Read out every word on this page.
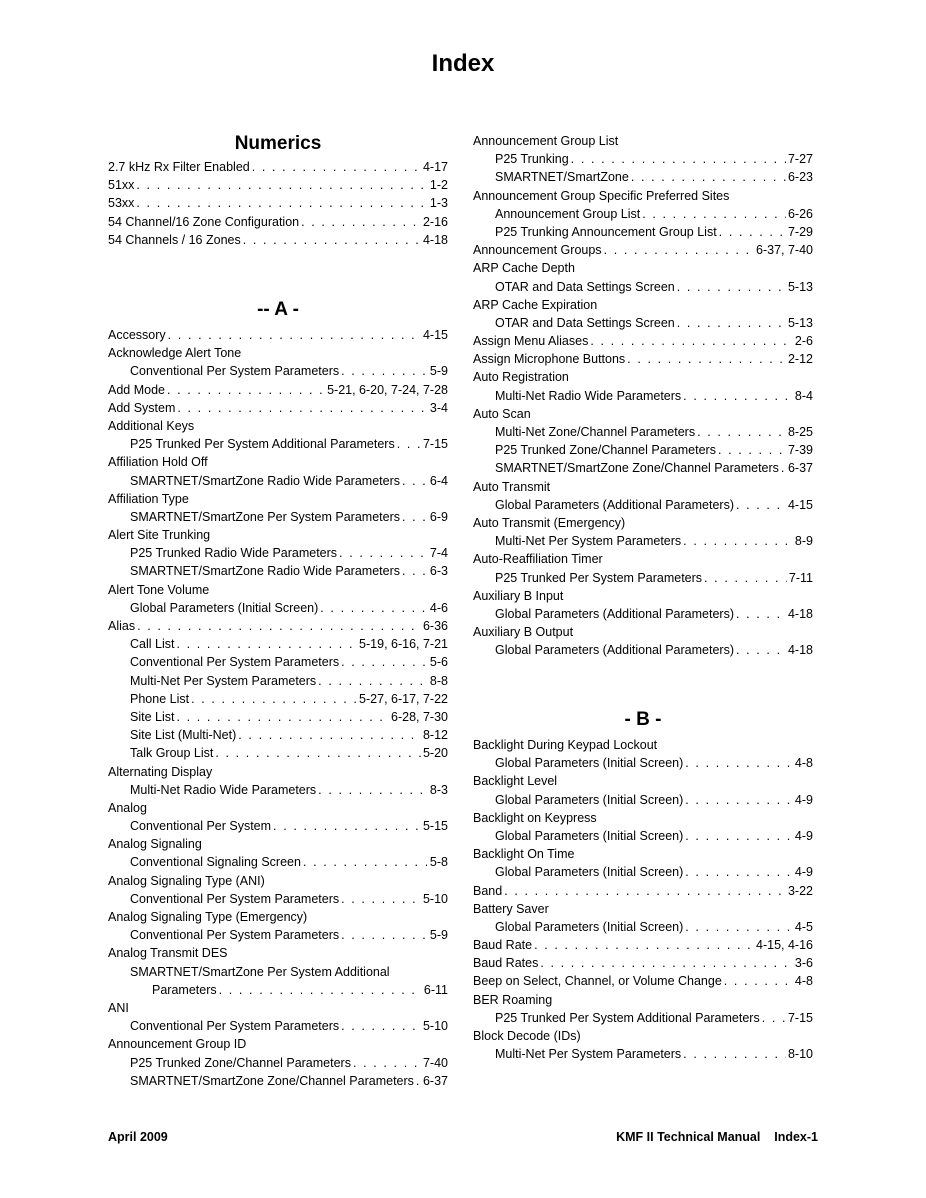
Index
Numerics
2.7 kHz Rx Filter Enabled . . .	4-17
51xx . . .	1-2
53xx . . .	1-3
54 Channel/16 Zone Configuration . . .	2-16
54 Channels / 16 Zones . . .	4-18
-- A -
Accessory . . .	4-15
Acknowledge Alert Tone
Conventional Per System Parameters . . .	5-9
Add Mode . . .	5-21, 6-20, 7-24, 7-28
Add System . . .	3-4
Additional Keys
P25 Trunked Per System Additional Parameters . . . 7-15
Affiliation Hold Off
SMARTNET/SmartZone Radio Wide Parameters . . . 6-4
Affiliation Type
SMARTNET/SmartZone Per System Parameters . . . 6-9
Alert Site Trunking
P25 Trunked Radio Wide Parameters . . .	7-4
SMARTNET/SmartZone Radio Wide Parameters . . . 6-3
Alert Tone Volume
Global Parameters (Initial Screen) . . .	4-6
Alias . . .	6-36
Call List . . .	5-19, 6-16, 7-21
Conventional Per System Parameters . . .	5-6
Multi-Net Per System Parameters . . .	8-8
Phone List . . .	5-27, 6-17, 7-22
Site List . . .	6-28, 7-30
Site List (Multi-Net) . . .	8-12
Talk Group List . . .	5-20
Alternating Display
Multi-Net Radio Wide Parameters . . .	8-3
Analog
Conventional Per System . . .	5-15
Analog Signaling
Conventional Signaling Screen . . .	5-8
Analog Signaling Type (ANI)
Conventional Per System Parameters . . .	5-10
Analog Signaling Type (Emergency)
Conventional Per System Parameters . . .	5-9
Analog Transmit DES
SMARTNET/SmartZone Per System Additional
Parameters . . .	6-11
ANI
Conventional Per System Parameters . . .	5-10
Announcement Group ID
P25 Trunked Zone/Channel Parameters . . .	7-40
SMARTNET/SmartZone Zone/Channel Parameters . . . 6-37
Announcement Group List
P25 Trunking . . .	7-27
SMARTNET/SmartZone . . .	6-23
Announcement Group Specific Preferred Sites
Announcement Group List . . .	6-26
P25 Trunking Announcement Group List . . .	7-29
Announcement Groups . . .	6-37, 7-40
ARP Cache Depth
OTAR and Data Settings Screen . . .	5-13
ARP Cache Expiration
OTAR and Data Settings Screen . . .	5-13
Assign Menu Aliases . . .	2-6
Assign Microphone Buttons . . .	2-12
Auto Registration
Multi-Net Radio Wide Parameters . . .	8-4
Auto Scan
Multi-Net Zone/Channel Parameters . . .	8-25
P25 Trunked Zone/Channel Parameters . . .	7-39
SMARTNET/SmartZone Zone/Channel Parameters . . . 6-37
Auto Transmit
Global Parameters (Additional Parameters) . . .	4-15
Auto Transmit (Emergency)
Multi-Net Per System Parameters . . .	8-9
Auto-Reaffiliation Timer
P25 Trunked Per System Parameters . . .	7-11
Auxiliary B Input
Global Parameters (Additional Parameters) . . .	4-18
Auxiliary B Output
Global Parameters (Additional Parameters) . . .	4-18
- B -
Backlight During Keypad Lockout
Global Parameters (Initial Screen) . . .	4-8
Backlight Level
Global Parameters (Initial Screen) . . .	4-9
Backlight on Keypress
Global Parameters (Initial Screen) . . .	4-9
Backlight On Time
Global Parameters (Initial Screen) . . .	4-9
Band . . .	3-22
Battery Saver
Global Parameters (Initial Screen) . . .	4-5
Baud Rate . . .	4-15, 4-16
Baud Rates . . .	3-6
Beep on Select, Channel, or Volume Change . . .	4-8
BER Roaming
P25 Trunked Per System Additional Parameters . . . 7-15
Block Decode (IDs)
Multi-Net Per System Parameters . . .	8-10
April 2009	KMF II Technical Manual    Index-1
